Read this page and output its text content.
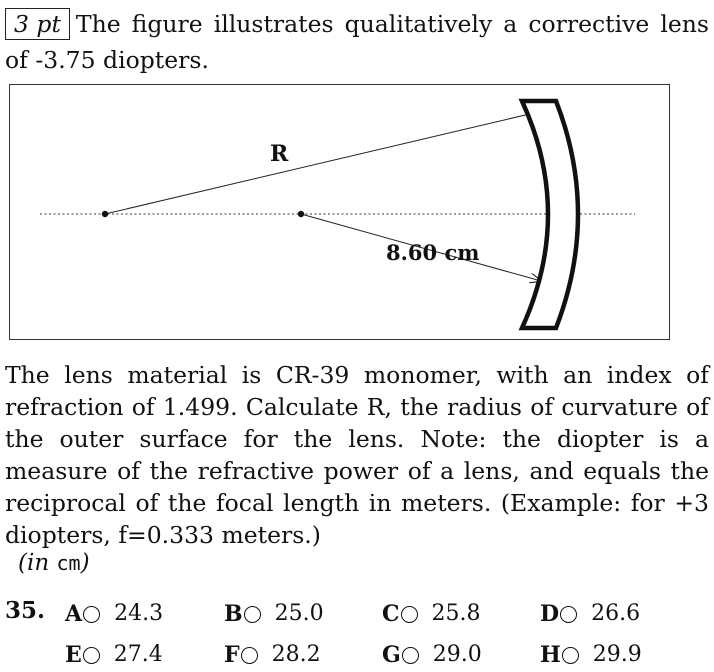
3 pt The figure illustrates qualitatively a corrective lens of -3.75 diopters.
R
8.60 cm
The lens material is CR-39 monomer, with an index of refraction of 1.499. Calculate R, the radius of curvature of the outer surface for the lens. Note: the diopter is a measure of the refractive power of a lens, and equals the reciprocal of the focal length in meters. (Example: for +3 diopters, f=0.333 meters.)
(in cm)
35. A 24.3	B 25.0	C 25.8	D 26.6
E 27.4	F 28.2	G 29.0	H 29.9
